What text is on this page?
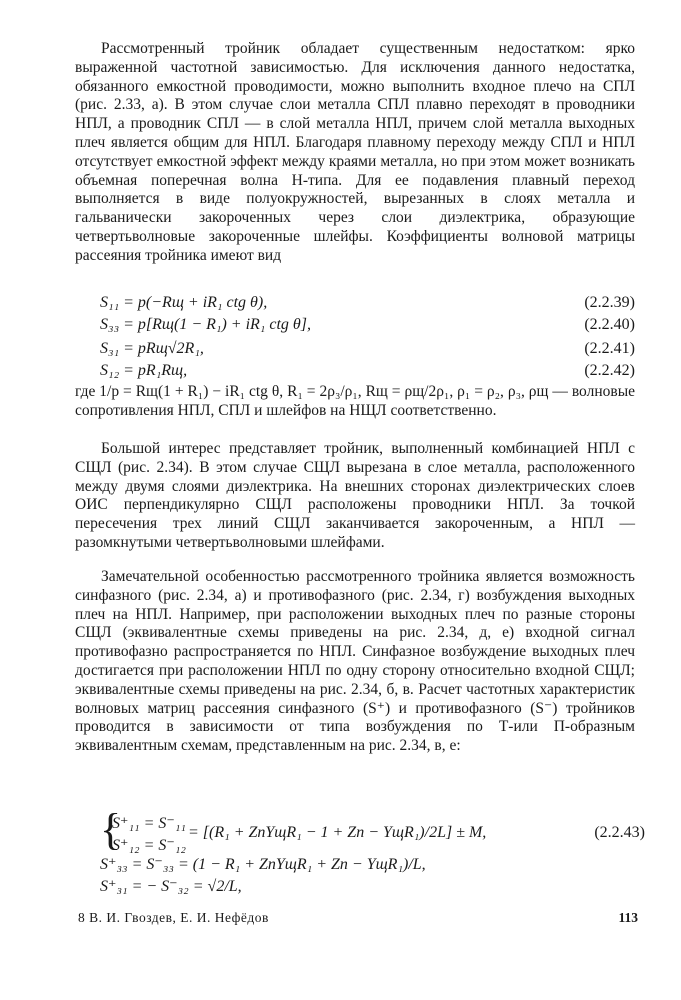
Рассмотренный тройник обладает существенным недостатком: ярко выраженной частотной зависимостью. Для исключения данного недостатка, обязанного емкостной проводимости, можно выполнить входное плечо на СПЛ (рис. 2.33, а). В этом случае слои металла СПЛ плавно переходят в проводники НПЛ, а проводник СПЛ — в слой металла НПЛ, причем слой металла выходных плеч является общим для НПЛ. Благодаря плавному переходу между СПЛ и НПЛ отсутствует емкостной эффект между краями металла, но при этом может возникать объемная поперечная волна Н-типа. Для ее подавления плавный переход выполняется в виде полуокружностей, вырезанных в слоях металла и гальванически закороченных через слои диэлектрика, образующие четвертьволновые закороченные шлейфы. Коэффициенты волновой матрицы рассеяния тройника имеют вид

S₁₁ = p(−Rщ + iR₁ ctg θ),	(2.2.39)
S₃₃ = p[Rщ(1 − R₁) + iR₁ ctg θ],	(2.2.40)
S₃₁ = pRщ√2R₁,	(2.2.41)
S₁₂ = pR₁Rщ,	(2.2.42)

где 1/p = Rщ(1 + R₁) − iR₁ ctg θ, R₁ = 2ρ₃/ρ₁, Rщ = ρщ/2ρ₁, ρ₁ = ρ₂, ρ₃, ρщ — волновые сопротивления НПЛ, СПЛ и шлейфов на НЩЛ соответственно.

Большой интерес представляет тройник, выполненный комбинацией НПЛ с СЩЛ (рис. 2.34). В этом случае СЩЛ вырезана в слое металла, расположенного между двумя слоями диэлектрика. На внешних сторонах диэлектрических слоев ОИС перпендикулярно СЩЛ расположены проводники НПЛ. За точкой пересечения трех линий СЩЛ заканчивается закороченным, а НПЛ — разомкнутыми четвертьволновыми шлейфами.

Замечательной особенностью рассмотренного тройника является возможность синфазного (рис. 2.34, а) и противофазного (рис. 2.34, г) возбуждения выходных плеч на НПЛ. Например, при расположении выходных плеч по разные стороны СЩЛ (эквивалентные схемы приведены на рис. 2.34, д, е) входной сигнал противофазно распространяется по НПЛ. Синфазное возбуждение выходных плеч достигается при расположении НПЛ по одну сторону относительно входной СЩЛ; эквивалентные схемы приведены на рис. 2.34, б, в. Расчет частотных характеристик волновых матриц рассеяния синфазного (S⁺) и противофазного (S⁻) тройников проводится в зависимости от типа возбуждения по Т-или П-образным эквивалентным схемам, представленным на рис. 2.34, в, е:

{
S⁺₁₁ = S⁻₁₁
S⁺₁₂ = S⁻₁₂
= [(R₁ + ZпYщR₁ − 1 + Zп − YщR₁)/2L] ± M,	(2.2.43)
S⁺₃₃ = S⁻₃₃ = (1 − R₁ + ZпYщR₁ + Zп − YщR₁)/L,
S⁺₃₁ = − S⁻₃₂ = √2/L,
8 В. И. Гвоздев, Е. И. Нефёдов	113
